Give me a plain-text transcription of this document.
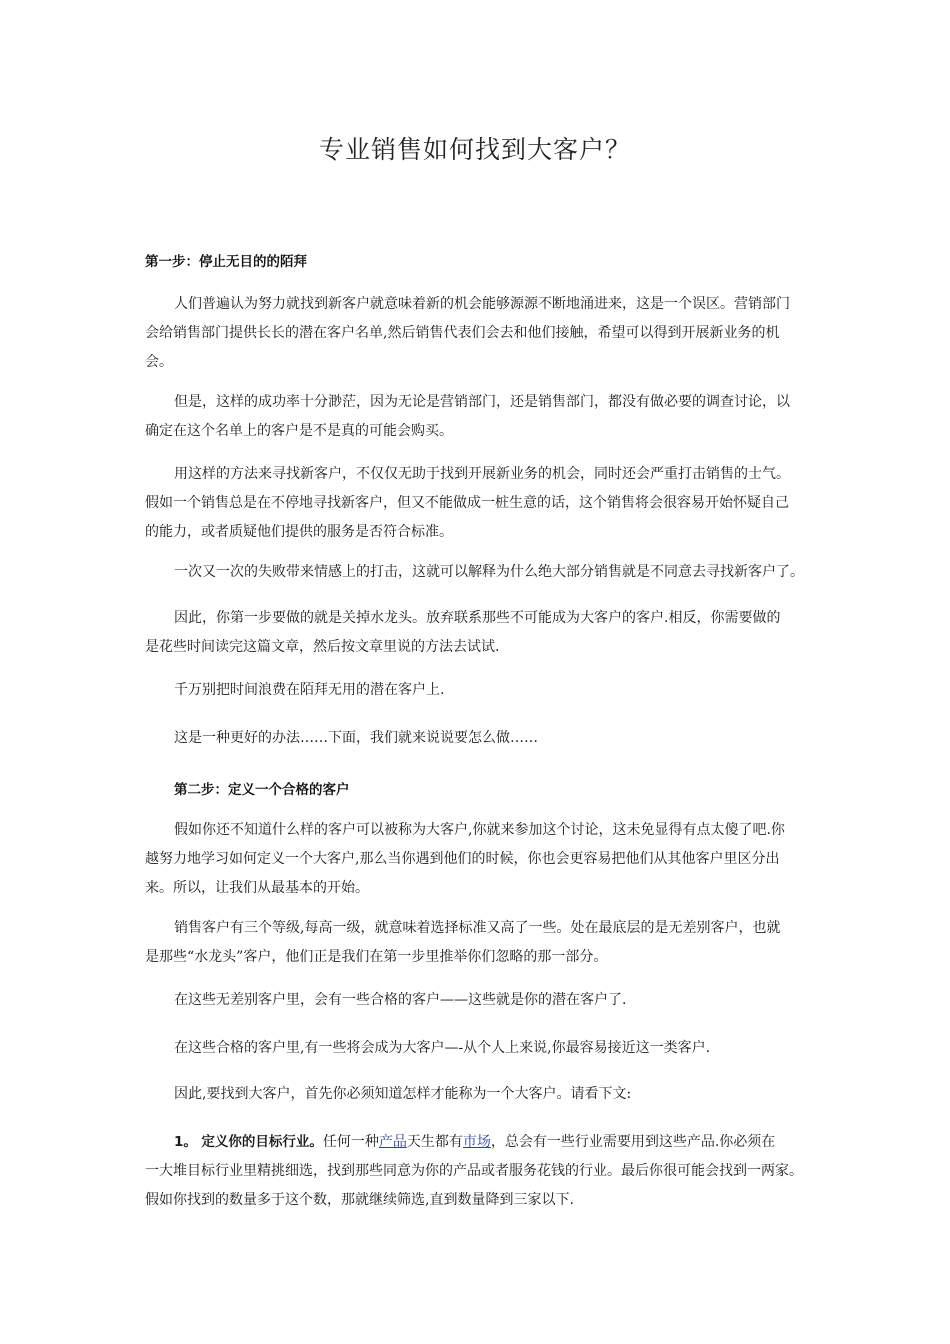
专业销售如何找到大客户？
第一步：停止无目的的陌拜
人们普遍认为努力就找到新客户就意味着新的机会能够源源不断地涌进来，这是一个误区。营销部门
会给销售部门提供长长的潜在客户名单,然后销售代表们会去和他们接触，希望可以得到开展新业务的机
会。
但是，这样的成功率十分渺茫，因为无论是营销部门，还是销售部门，都没有做必要的调查讨论，以
确定在这个名单上的客户是不是真的可能会购买。
用这样的方法来寻找新客户，不仅仅无助于找到开展新业务的机会，同时还会严重打击销售的士气。
假如一个销售总是在不停地寻找新客户，但又不能做成一桩生意的话，这个销售将会很容易开始怀疑自己
的能力，或者质疑他们提供的服务是否符合标准。
一次又一次的失败带来情感上的打击，这就可以解释为什么绝大部分销售就是不同意去寻找新客户了。
因此，你第一步要做的就是关掉水龙头。放弃联系那些不可能成为大客户的客户.相反，你需要做的
是花些时间读完这篇文章，然后按文章里说的方法去试试.
千万别把时间浪费在陌拜无用的潜在客户上.
这是一种更好的办法……下面，我们就来说说要怎么做……
第二步：定义一个合格的客户
假如你还不知道什么样的客户可以被称为大客户,你就来参加这个讨论，这未免显得有点太傻了吧.你
越努力地学习如何定义一个大客户,那么当你遇到他们的时候，你也会更容易把他们从其他客户里区分出
来。所以，让我们从最基本的开始。
销售客户有三个等级,每高一级，就意味着选择标准又高了一些。处在最底层的是无差别客户，也就
是那些“水龙头”客户，他们正是我们在第一步里推举你们忽略的那一部分。
在这些无差别客户里，会有一些合格的客户——这些就是你的潜在客户了.
在这些合格的客户里,有一些将会成为大客户—-从个人上来说,你最容易接近这一类客户.
因此,要找到大客户，首先你必须知道怎样才能称为一个大客户。请看下文:
1。 定义你的目标行业。任何一种产品天生都有市场，总会有一些行业需要用到这些产品.你必须在
一大堆目标行业里精挑细选，找到那些同意为你的产品或者服务花钱的行业。最后你很可能会找到一两家。
假如你找到的数量多于这个数，那就继续筛选,直到数量降到三家以下.
